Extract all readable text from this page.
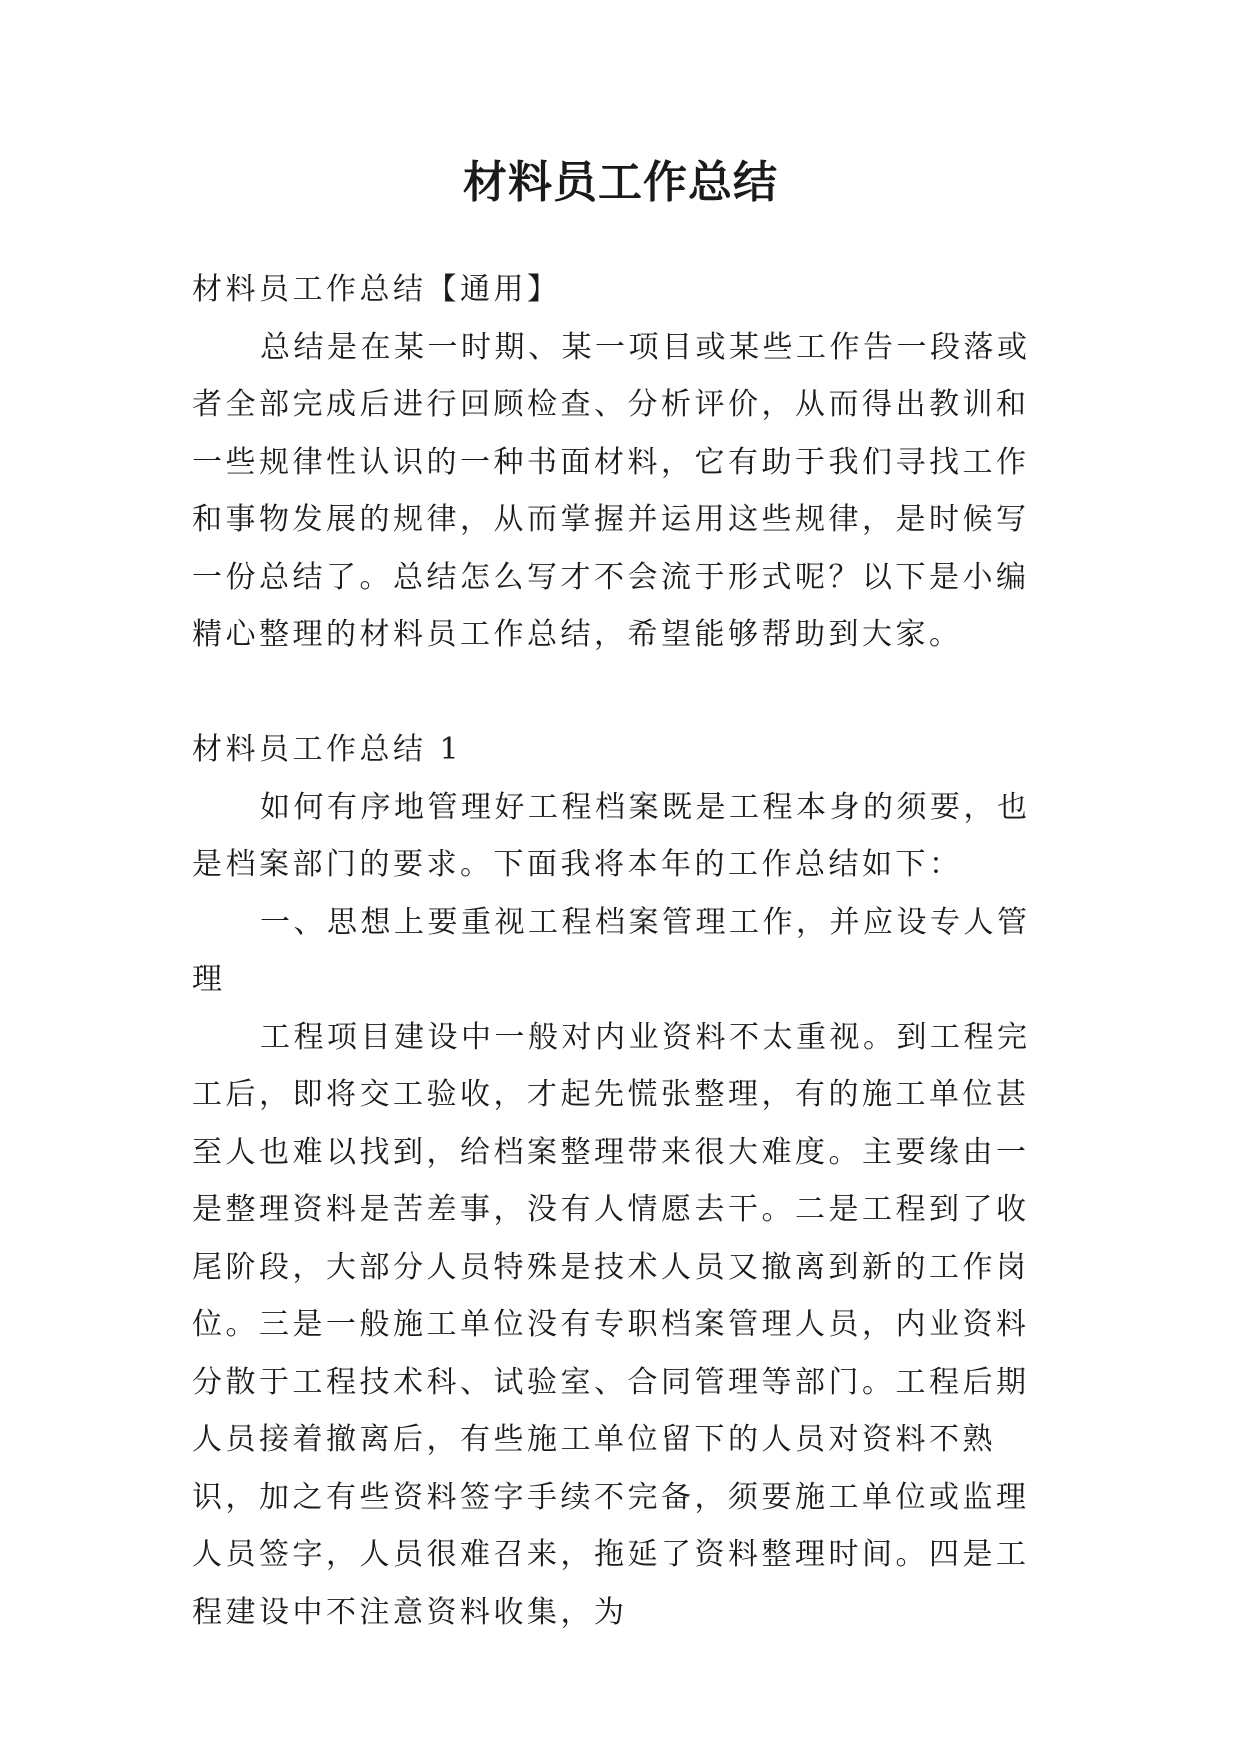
材料员工作总结

材料员工作总结【通用】

总结是在某一时期、某一项目或某些工作告一段落或者全部完成后进行回顾检查、分析评价，从而得出教训和一些规律性认识的一种书面材料，它有助于我们寻找工作和事物发展的规律，从而掌握并运用这些规律，是时候写一份总结了。总结怎么写才不会流于形式呢？以下是小编精心整理的材料员工作总结，希望能够帮助到大家。

材料员工作总结 1

如何有序地管理好工程档案既是工程本身的须要，也是档案部门的要求。下面我将本年的工作总结如下：

一、思想上要重视工程档案管理工作，并应设专人管理

工程项目建设中一般对内业资料不太重视。到工程完工后，即将交工验收，才起先慌张整理，有的施工单位甚至人也难以找到，给档案整理带来很大难度。主要缘由一是整理资料是苦差事，没有人情愿去干。二是工程到了收尾阶段，大部分人员特殊是技术人员又撤离到新的工作岗位。三是一般施工单位没有专职档案管理人员，内业资料分散于工程技术科、试验室、合同管理等部门。工程后期人员接着撤离后，有些施工单位留下的人员对资料不熟识，加之有些资料签字手续不完备，须要施工单位或监理人员签字，人员很难召来，拖延了资料整理时间。四是工程建设中不注意资料收集，为
